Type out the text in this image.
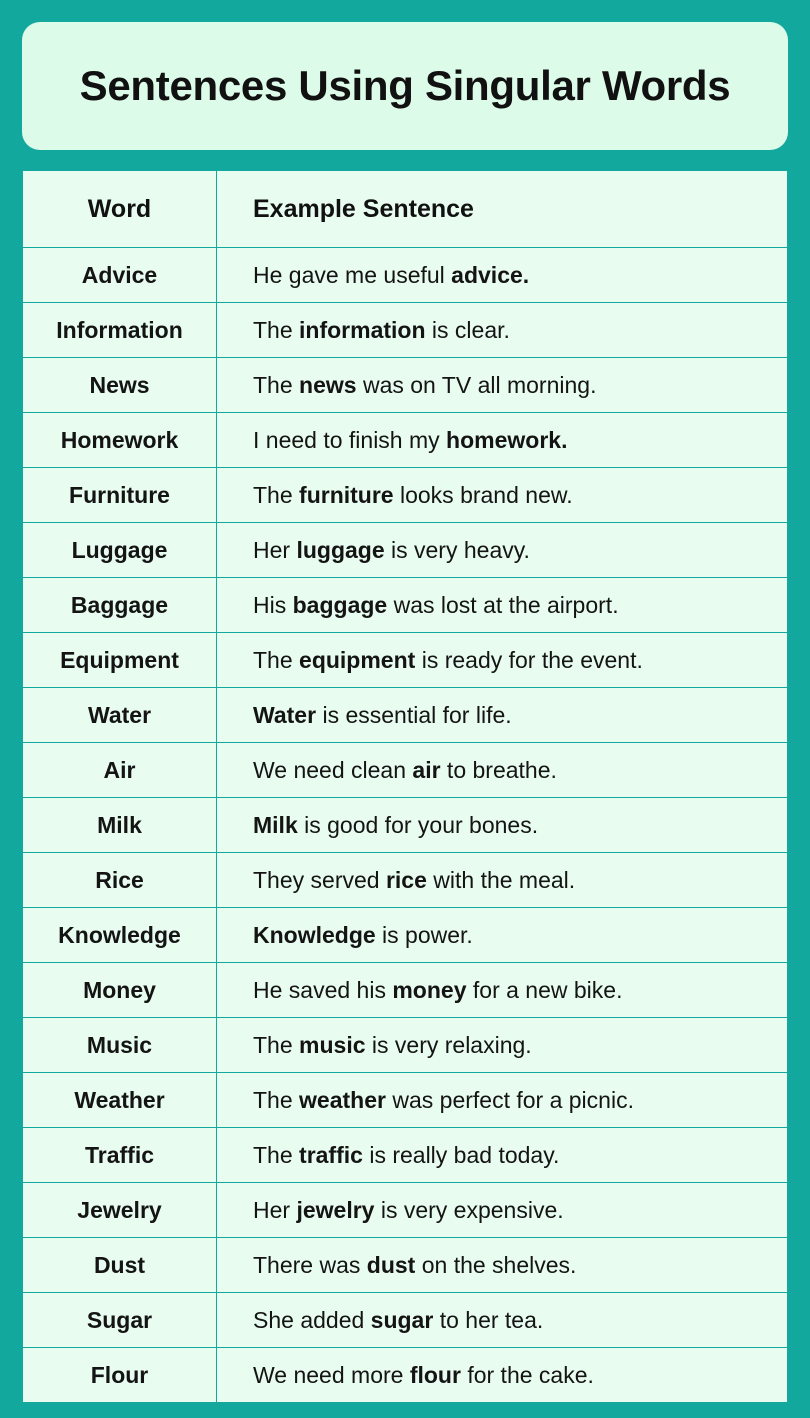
Sentences Using Singular Words
Word	Example Sentence
Advice	He gave me useful advice.
Information	The information is clear.
News	The news was on TV all morning.
Homework	I need to finish my homework.
Furniture	The furniture looks brand new.
Luggage	Her luggage is very heavy.
Baggage	His baggage was lost at the airport.
Equipment	The equipment is ready for the event.
Water	Water is essential for life.
Air	We need clean air to breathe.
Milk	Milk is good for your bones.
Rice	They served rice with the meal.
Knowledge	Knowledge is power.
Money	He saved his money for a new bike.
Music	The music is very relaxing.
Weather	The weather was perfect for a picnic.
Traffic	The traffic is really bad today.
Jewelry	Her jewelry is very expensive.
Dust	There was dust on the shelves.
Sugar	She added sugar to her tea.
Flour	We need more flour for the cake.
